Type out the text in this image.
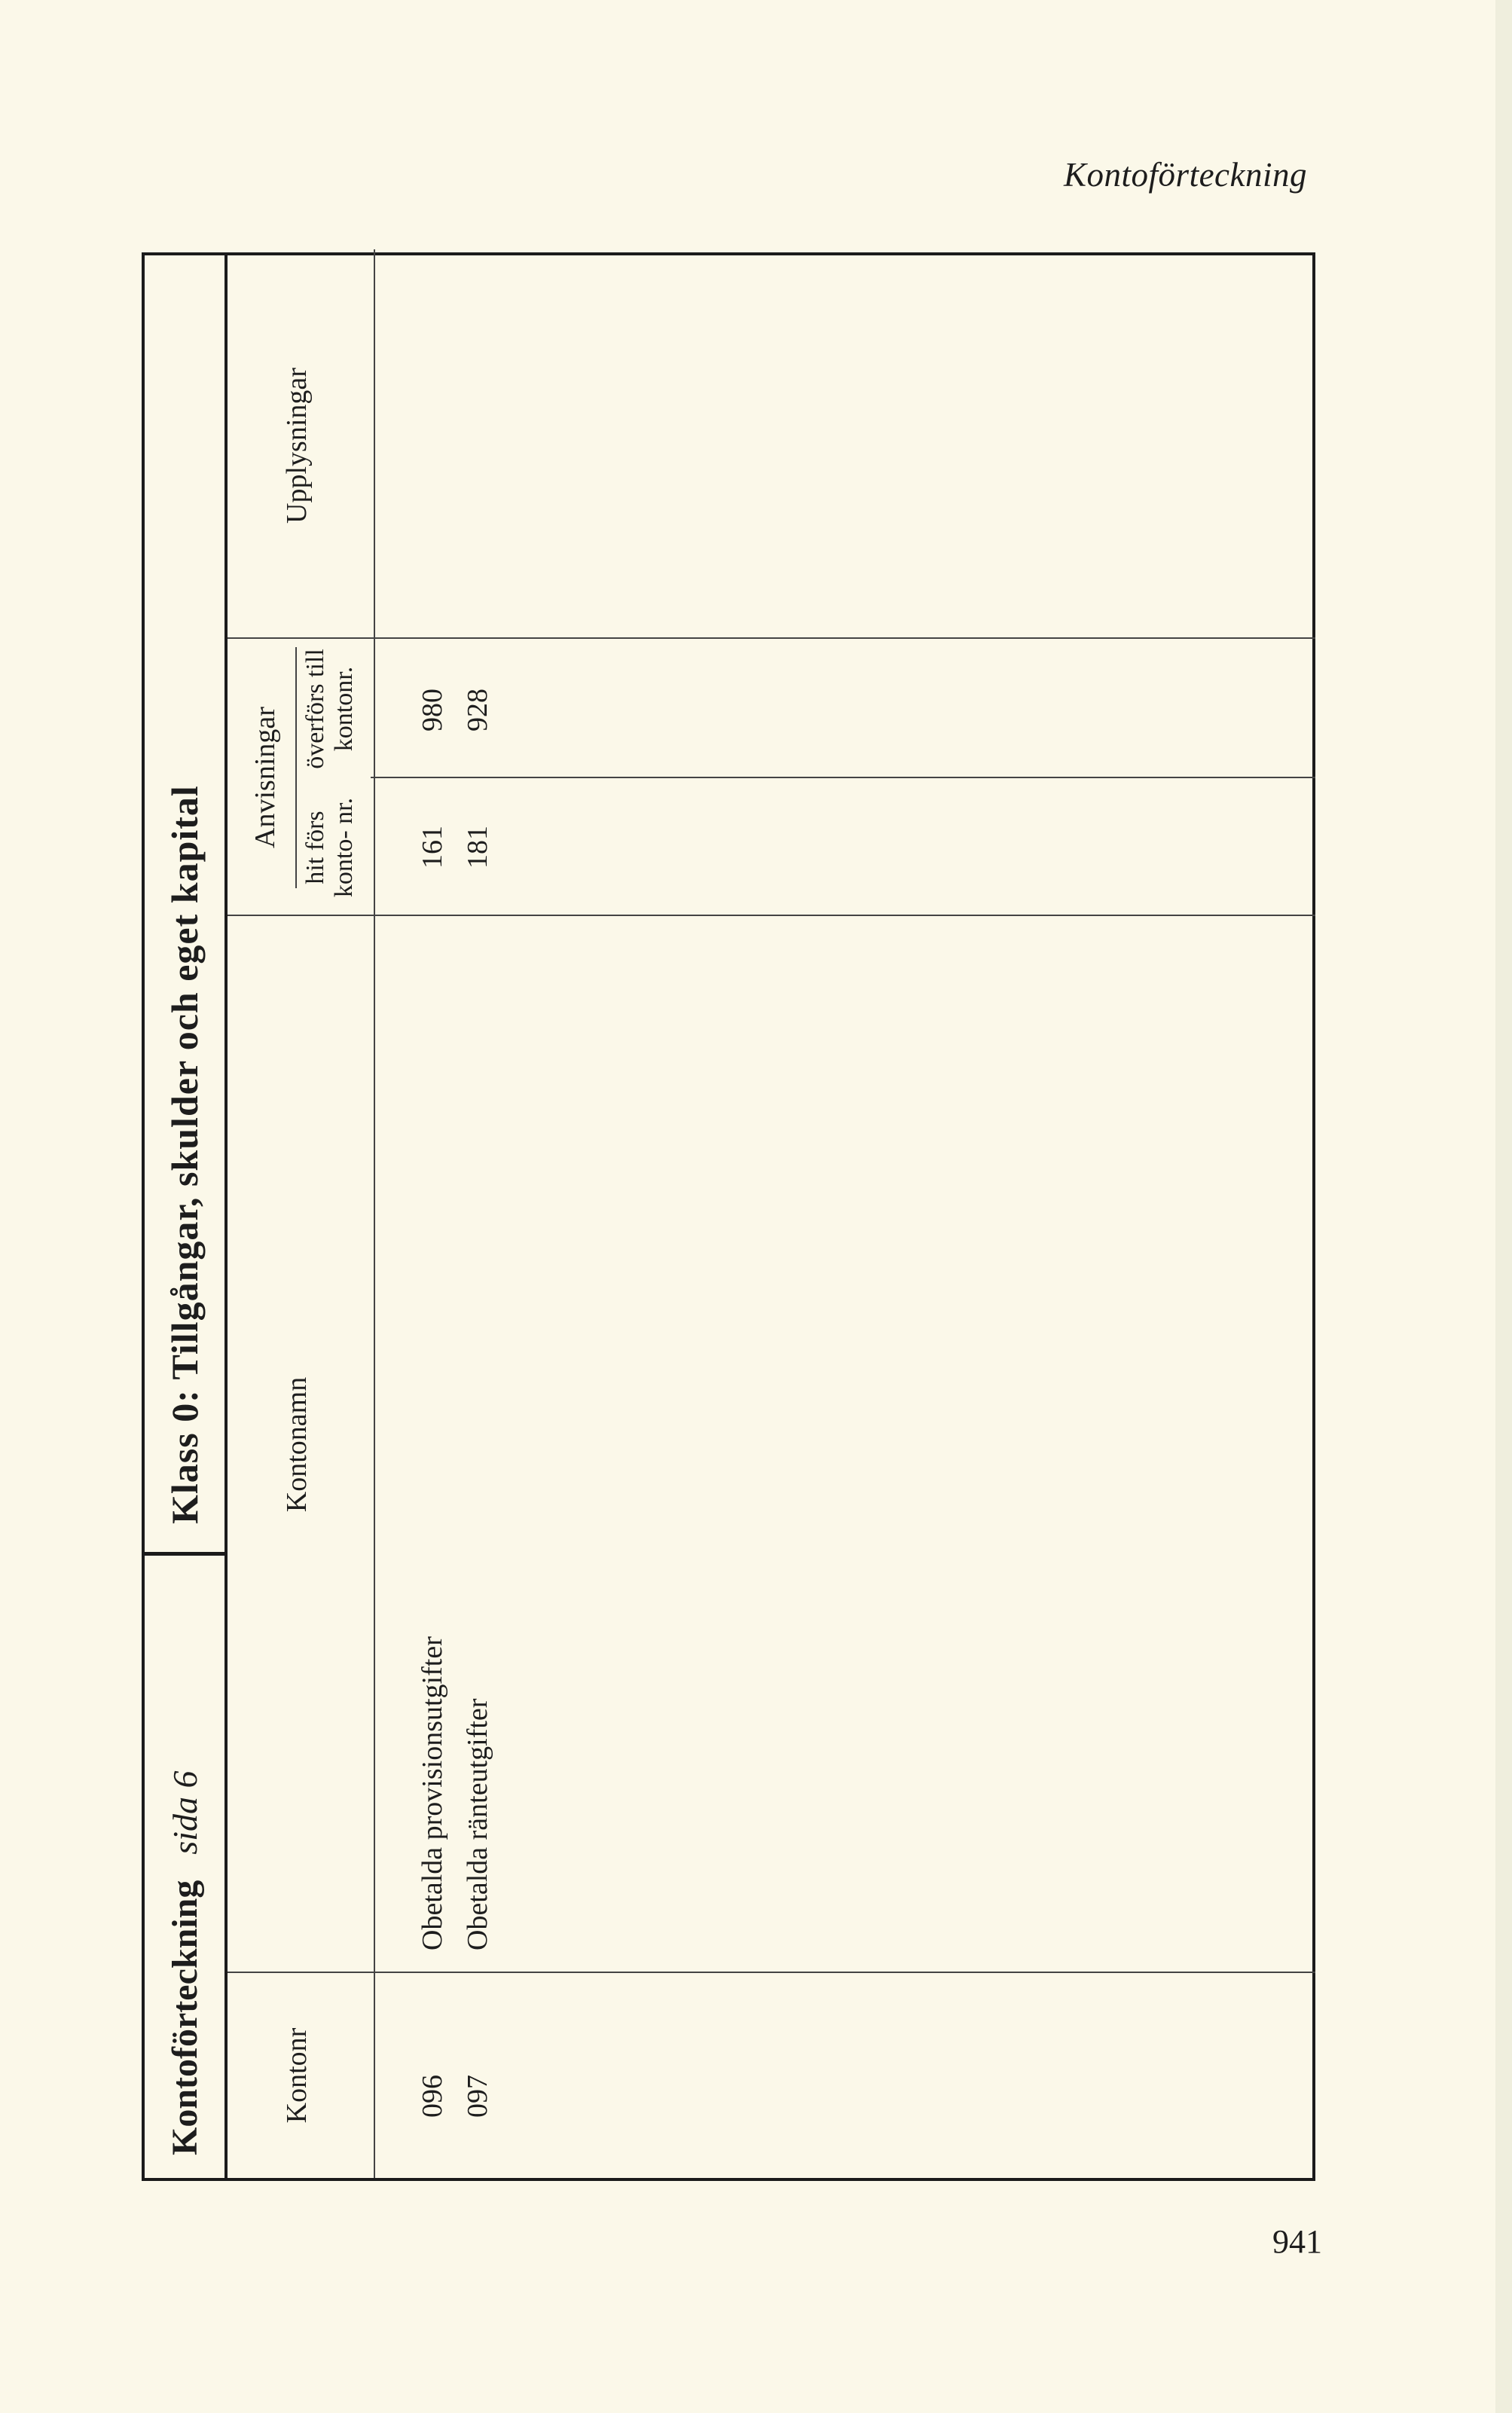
Kontoförteckning
Kontoförteckning
sida 6
Klass 0: Tillgångar, skulder och eget kapital
Kontonr
Kontonamn
Anvisningar hit förs konto- nr.
överförs till kontonr.
Upplysningar
096
Obetalda provisionsutgifter
161
980
097
Obetalda ränteutgifter
181
928
941
